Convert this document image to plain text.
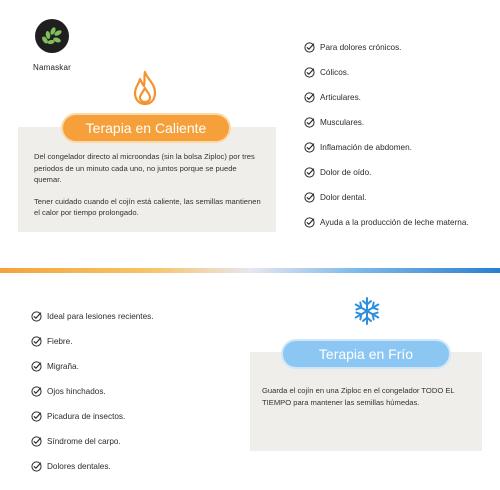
Namaskar
Terapia en Caliente

Del congelador directo al microondas (sin la bolsa Ziploc) por tres periodos de un minuto cada uno, no juntos porque se puede quemar.

Tener cuidado cuando el cojín está caliente, las semillas mantienen el calor por tiempo prolongado.

Para dolores crónicos.
Cólicos.
Articulares.
Musculares.
Inflamación de abdomen.
Dolor de oído.
Dolor dental.
Ayuda a la producción de leche materna.
Ideal para lesiones recientes.
Fiebre.
Migraña.
Ojos hinchados.
Picadura de insectos.
Síndrome del carpo.
Dolores dentales.
Terapia en Frío

Guarda el cojín en una Ziploc en el congelador TODO EL TIEMPO para mantener las semillas húmedas.
